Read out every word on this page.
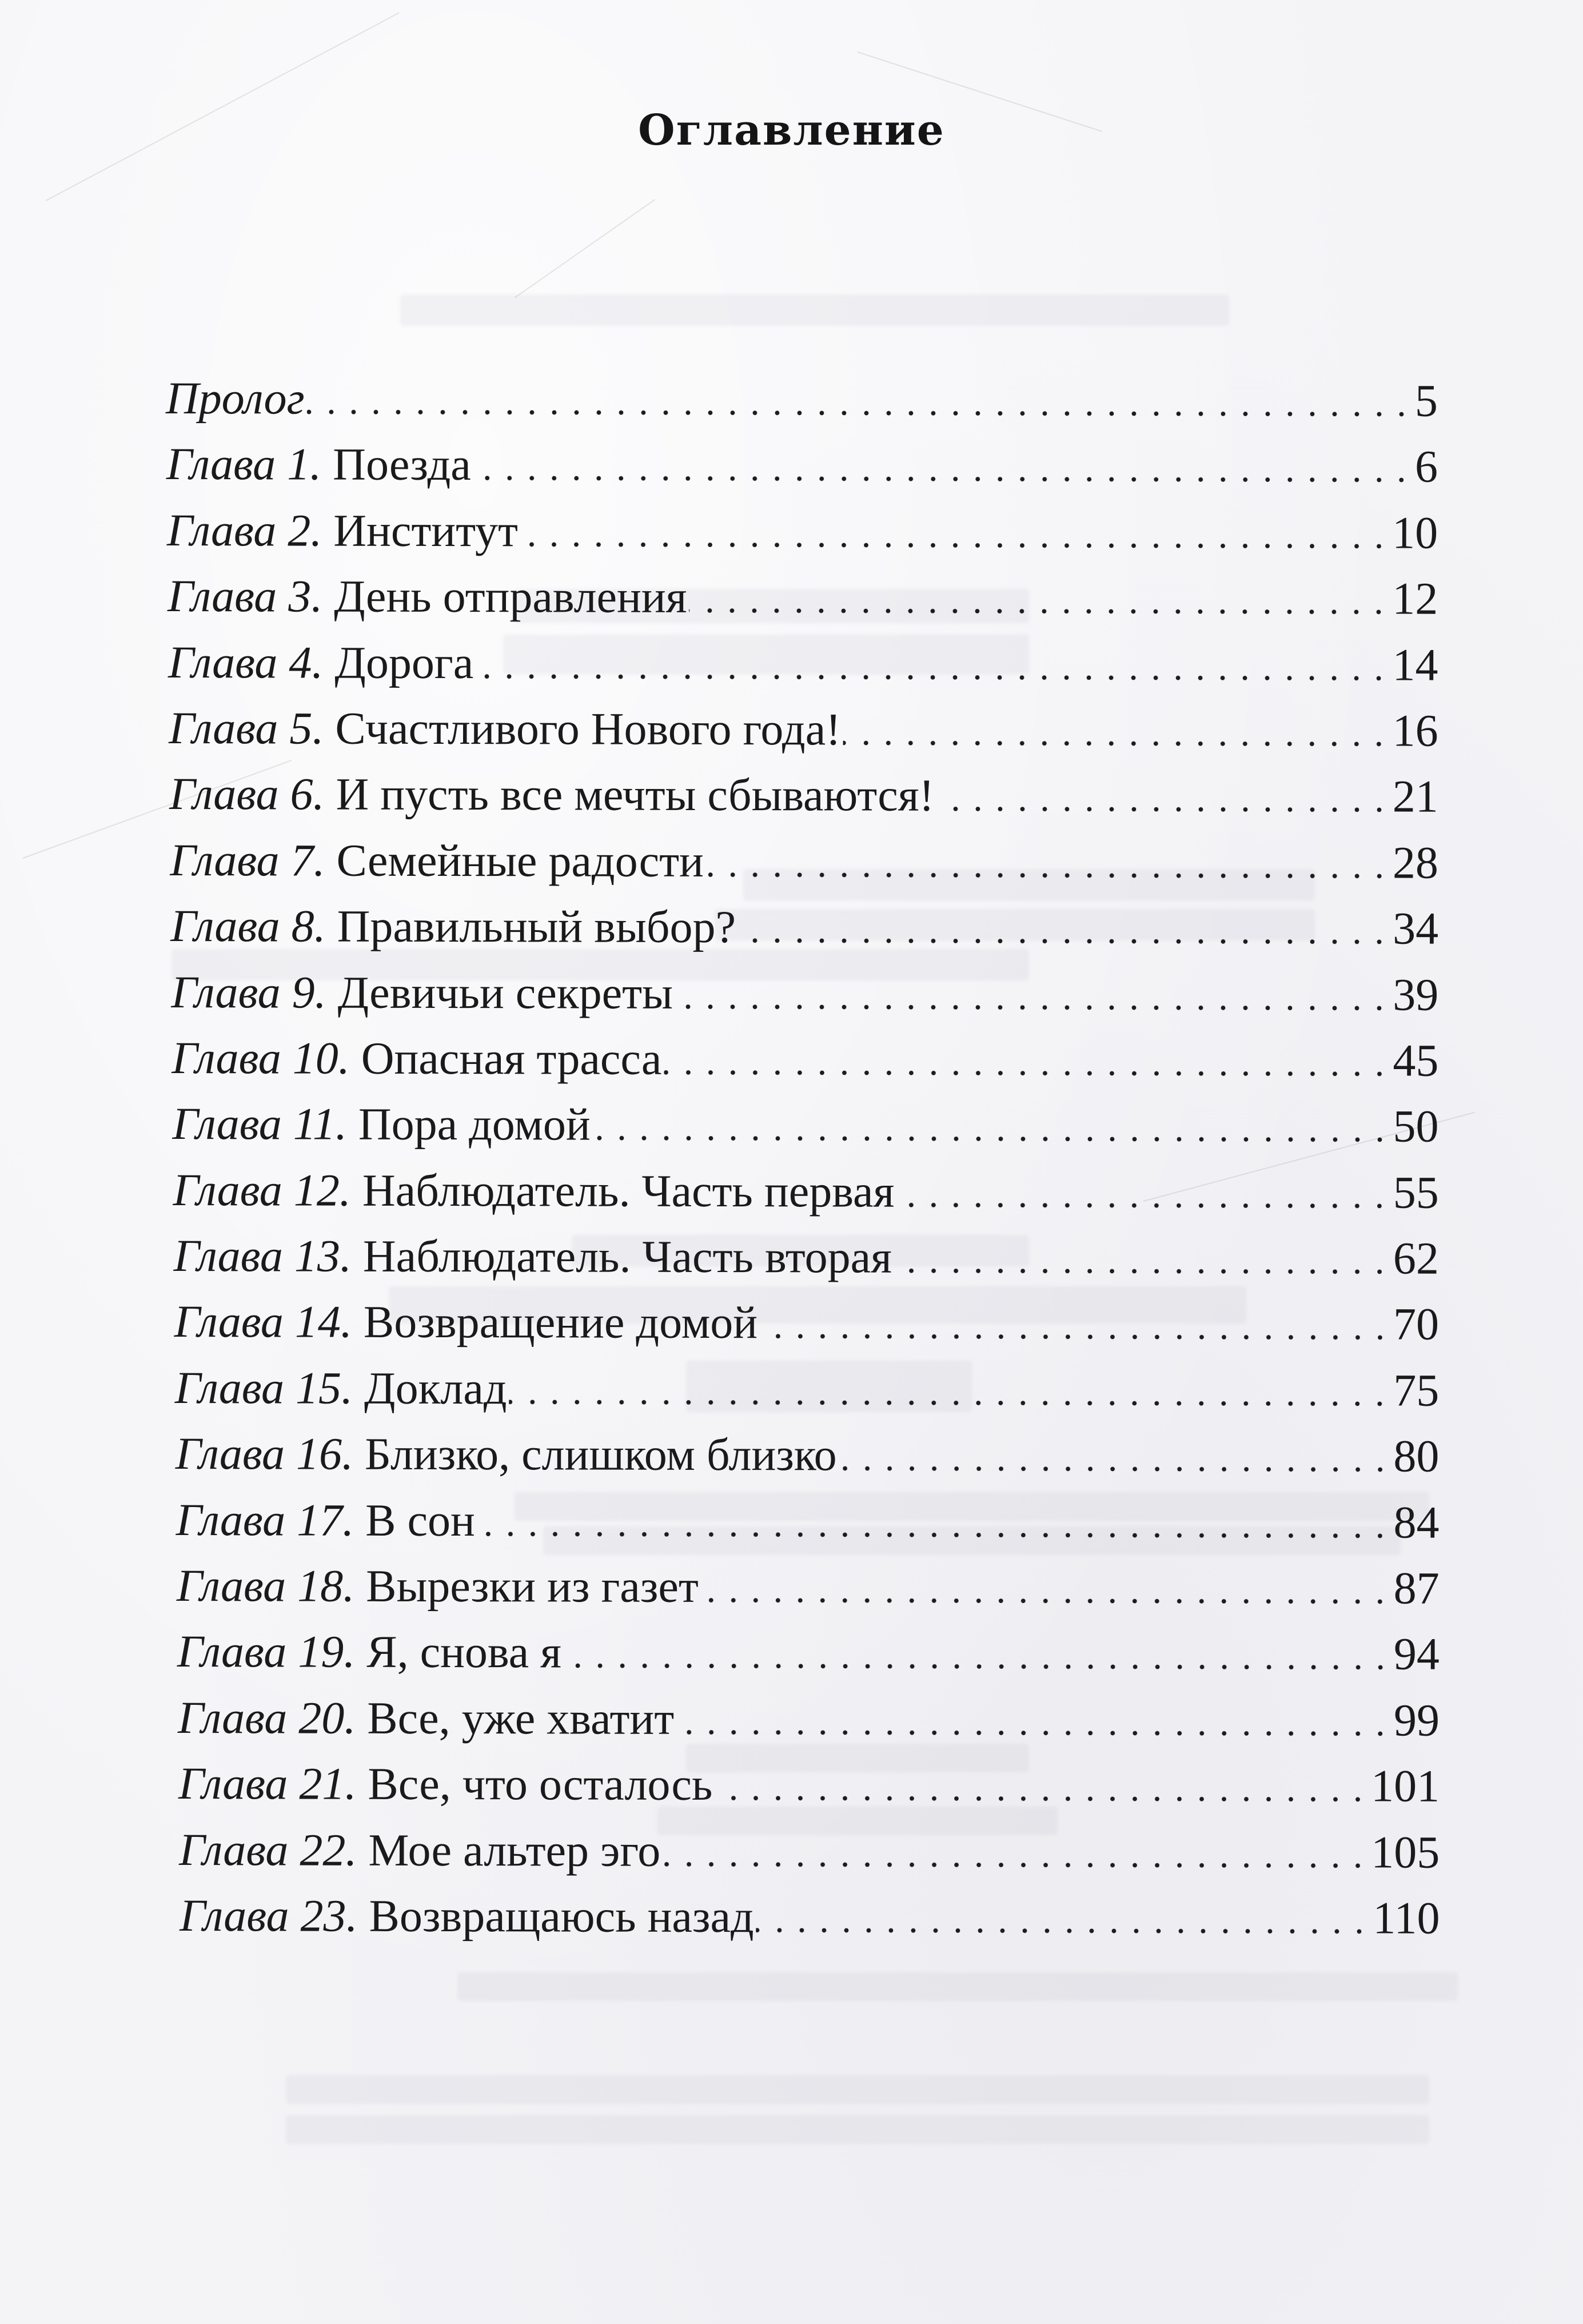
Оглавление
Пролог	5
Глава 1. Поезда	6
Глава 2. Институт	10
Глава 3. День отправления	12
Глава 4. Дорога	14
Глава 5. Счастливого Нового года!	16
Глава 6. И пусть все мечты сбываются!	21
Глава 7. Семейные радости	28
Глава 8. Правильный выбор?	34
Глава 9. Девичьи секреты	39
Глава 10. Опасная трасса	45
Глава 11. Пора домой	50
Глава 12. Наблюдатель. Часть первая	55
Глава 13. Наблюдатель. Часть вторая	62
Глава 14. Возвращение домой	70
Глава 15. Доклад	75
Глава 16. Близко, слишком близко	80
Глава 17. В сон	84
Глава 18. Вырезки из газет	87
Глава 19. Я, снова я	94
Глава 20. Все, уже хватит	99
Глава 21. Все, что осталось	101
Глава 22. Мое альтер эго	105
Глава 23. Возвращаюсь назад	110
